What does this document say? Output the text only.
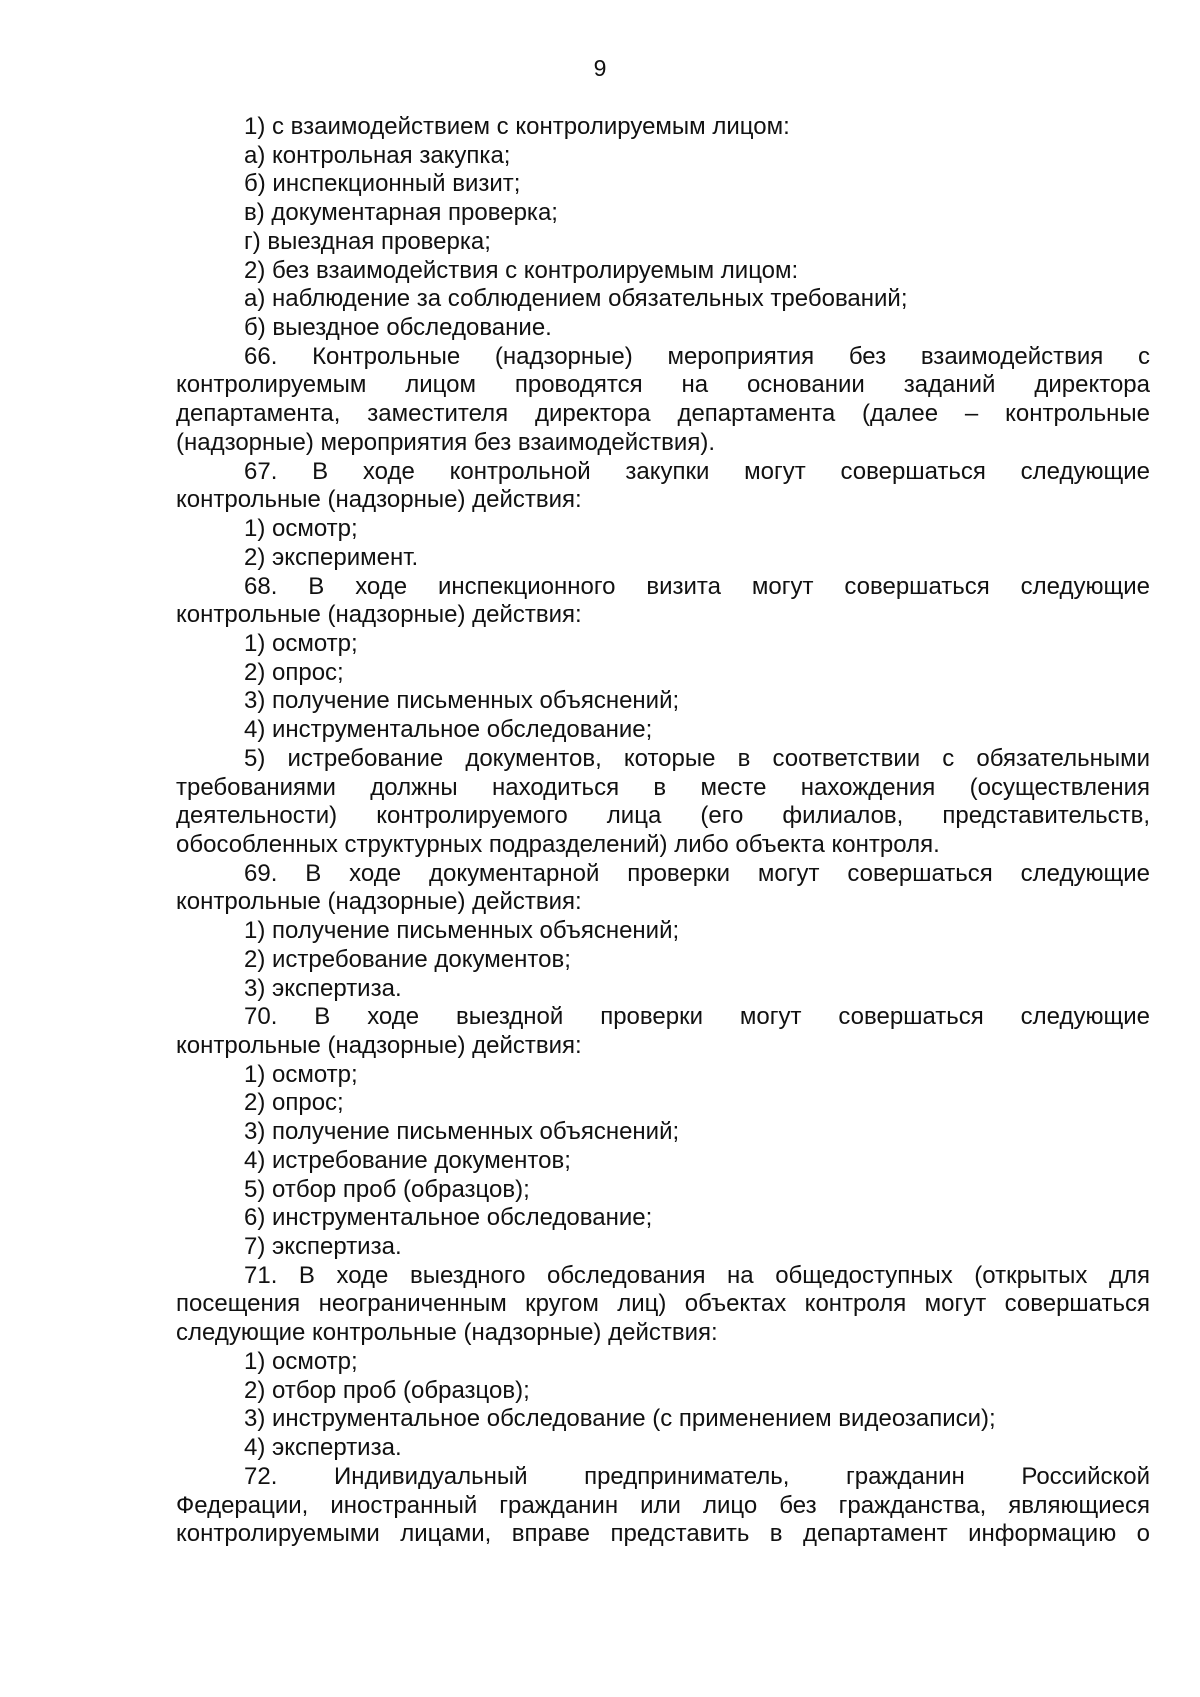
9
1) с взаимодействием с контролируемым лицом:
а) контрольная закупка;
б) инспекционный визит;
в) документарная проверка;
г) выездная проверка;
2) без взаимодействия с контролируемым лицом:
а) наблюдение за соблюдением обязательных требований;
б) выездное обследование.
66. Контрольные (надзорные) мероприятия без взаимодействия с
контролируемым лицом проводятся на основании заданий директора
департамента, заместителя директора департамента (далее – контрольные
(надзорные) мероприятия без взаимодействия).
67. В ходе контрольной закупки могут совершаться следующие
контрольные (надзорные) действия:
1) осмотр;
2) эксперимент.
68. В ходе инспекционного визита могут совершаться следующие
контрольные (надзорные) действия:
1) осмотр;
2) опрос;
3) получение письменных объяснений;
4) инструментальное обследование;
5) истребование документов, которые в соответствии с обязательными
требованиями должны находиться в месте нахождения (осуществления
деятельности) контролируемого лица (его филиалов, представительств,
обособленных структурных подразделений) либо объекта контроля.
69. В ходе документарной проверки могут совершаться следующие
контрольные (надзорные) действия:
1) получение письменных объяснений;
2) истребование документов;
3) экспертиза.
70. В ходе выездной проверки могут совершаться следующие
контрольные (надзорные) действия:
1) осмотр;
2) опрос;
3) получение письменных объяснений;
4) истребование документов;
5) отбор проб (образцов);
6) инструментальное обследование;
7) экспертиза.
71. В ходе выездного обследования на общедоступных (открытых для
посещения неограниченным кругом лиц) объектах контроля могут совершаться
следующие контрольные (надзорные) действия:
1) осмотр;
2) отбор проб (образцов);
3) инструментальное обследование (с применением видеозаписи);
4) экспертиза.
72. Индивидуальный предприниматель, гражданин Российской
Федерации, иностранный гражданин или лицо без гражданства, являющиеся
контролируемыми лицами, вправе представить в департамент информацию о
